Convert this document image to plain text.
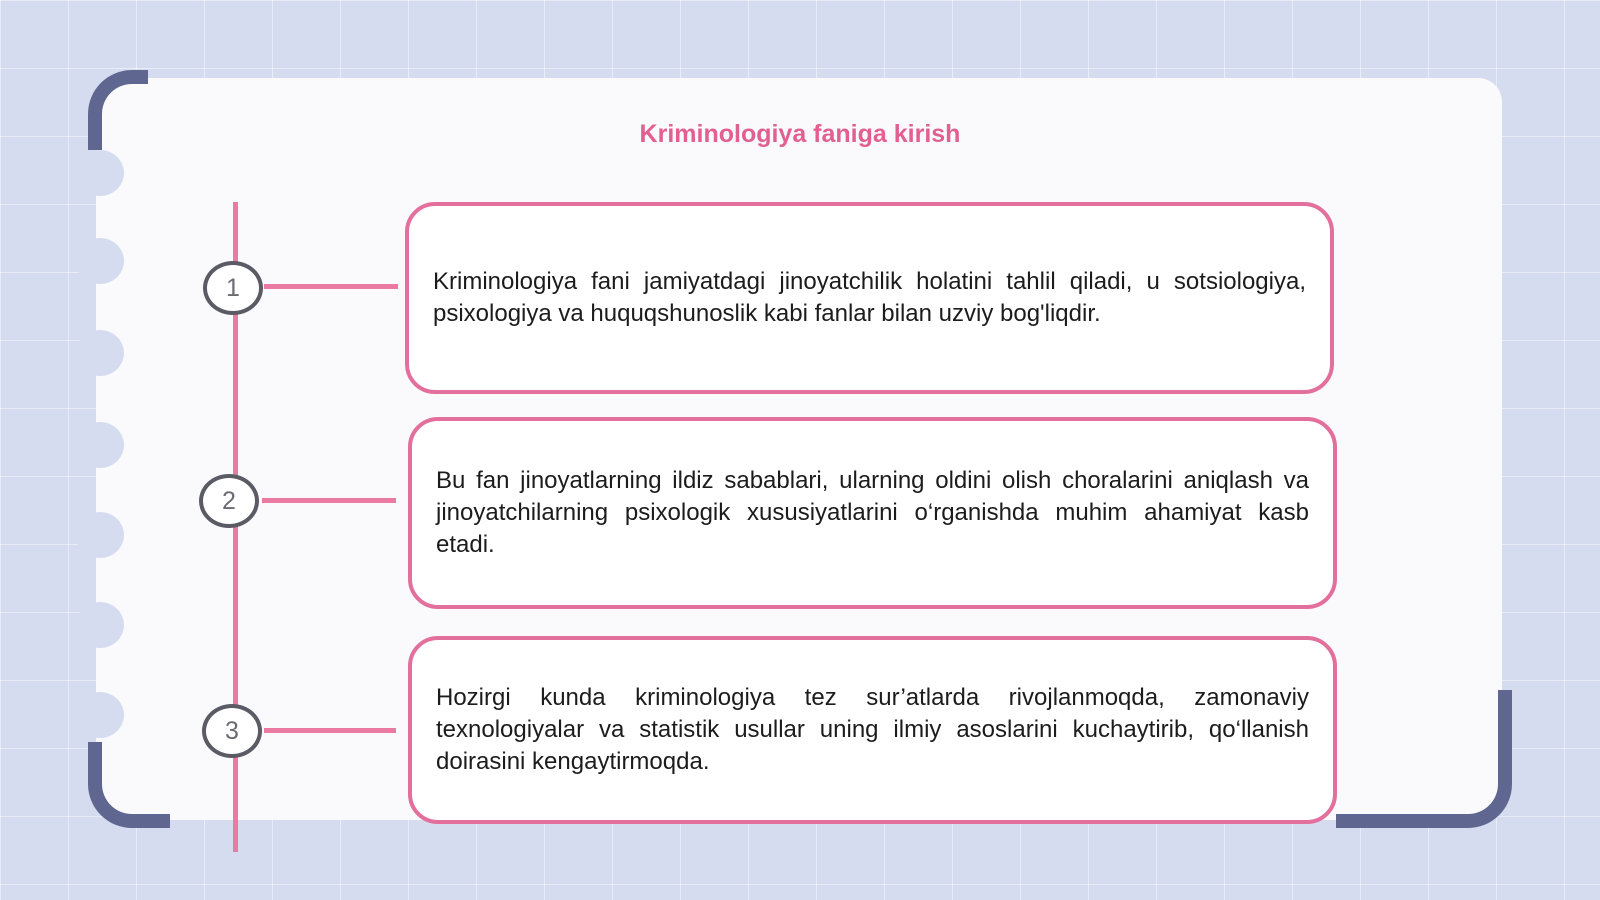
Kriminologiya faniga kirish
1	Kriminologiya fani jamiyatdagi jinoyatchilik holatini tahlil qiladi, u sotsiologiya, psixologiya va huquqshunoslik kabi fanlar bilan uzviy bog'liqdir.
2
Bu fan jinoyatlarning ildiz sabablari, ularning oldini olish choralarini aniqlash va jinoyatchilarning psixologik xususiyatlarini o‘rganishda muhim ahamiyat kasb etadi.
3
Hozirgi kunda kriminologiya tez sur’atlarda rivojlanmoqda, zamonaviy texnologiyalar va statistik usullar uning ilmiy asoslarini kuchaytirib, qo‘llanish doirasini kengaytirmoqda.
